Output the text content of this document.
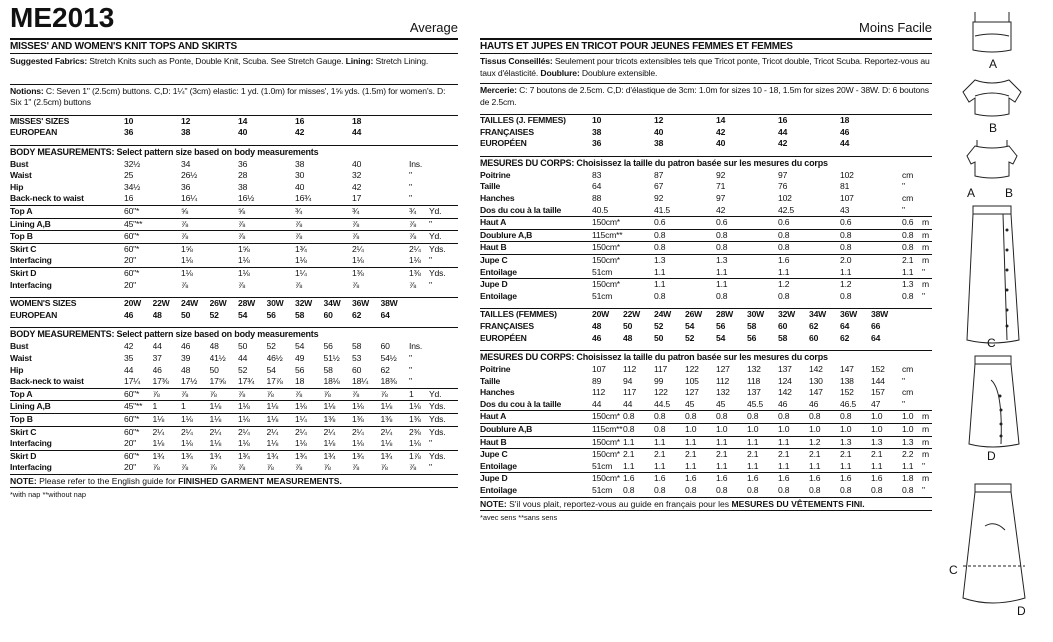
ME2013	Average
MISSES' AND WOMEN'S KNIT TOPS AND SKIRTS
Suggested Fabrics: Stretch Knits such as Ponte, Double Knit, Scuba. See Stretch Gauge. Lining: Stretch Lining.
Notions: C: Seven 1" (2.5cm) buttons. C,D: 1¼" (3cm) elastic: 1 yd. (1.0m) for misses', 1⅝ yds. (1.5m) for women's. D: Six 1" (2.5cm) buttons
MISSES' SIZES	10	12	14	16	18	
EUROPEAN	36	38	40	42	44	
BODY MEASUREMENTS: Select pattern size based on body measurements
Bust	32½	34	36	38	40	Ins.	
Waist	25	26½	28	30	32	"	
Hip	34½	36	38	40	42	"	
Back-neck to waist	16	16¼	16½	16¾	17	"	
Top A	60"*	⅝	⅝	¾	¾	¾	Yd.
Lining A,B	45"**	⅞	⅞	⅞	⅞	⅞	"
Top B	60"*	⅞	⅞	⅞	⅞	⅞	Yd.
Skirt C	60"*	1⅝	1⅝	1¾	2¼	2¼	Yds.
Interfacing	20"	1⅛	1⅛	1⅛	1⅛	1⅛	"
Skirt D	60"*	1⅛	1⅛	1¼	1⅜	1⅜	Yds.
Interfacing	20"	⅞	⅞	⅞	⅞	⅞	"
WOMEN'S SIZES	20W	22W	24W	26W	28W	30W	32W	34W	36W	38W	
EUROPEAN	46	48	50	52	54	56	58	60	62	64	
BODY MEASUREMENTS: Select pattern size based on body measurements
Bust	42	44	46	48	50	52	54	56	58	60	Ins.	
Waist	35	37	39	41½	44	46½	49	51½	53	54½	"	
Hip	44	46	48	50	52	54	56	58	60	62	"	
Back-neck to waist	17¼	17⅜	17½	17⅝	17¾	17⅞	18	18⅛	18¼	18⅜	"	
Top A	60"*	⅞	⅞	⅞	⅞	⅞	⅞	⅞	⅞	⅞	1	Yd.
Lining A,B	45"**	1	1	1⅛	1⅛	1⅛	1⅛	1⅛	1⅛	1⅛	1⅛	Yds.
Top B	60"*	1⅛	1⅛	1⅛	1⅛	1⅛	1¼	1⅜	1⅜	1⅜	1⅜	Yds.
Skirt C	60"*	2¼	2¼	2¼	2¼	2¼	2¼	2¼	2¼	2¼	2⅜	Yds.
Interfacing	20"	1⅛	1⅛	1⅛	1⅛	1⅛	1⅛	1⅛	1⅛	1⅛	1⅛	"
Skirt D	60"*	1¾	1¾	1¾	1¾	1¾	1¾	1¾	1¾	1¾	1⅞	Yds.
Interfacing	20"	⅞	⅞	⅞	⅞	⅞	⅞	⅞	⅞	⅞	⅞	"
NOTE: Please refer to the English guide for FINISHED GARMENT MEASUREMENTS.
*with nap **without nap
Moins Facile
HAUTS ET JUPES EN TRICOT POUR JEUNES FEMMES ET FEMMES
Tissus Conseillés: Seulement pour tricots extensibles tels que Tricot ponte, Tricot double, Tricot Scuba. Reportez-vous au taux d'élasticité. Doublure: Doublure extensible.
Mercerie: C: 7 boutons de 2.5cm. C,D: d'élastique de 3cm: 1.0m for sizes 10 - 18, 1.5m for sizes 20W - 38W. D: 6 boutons de 2.5cm.
TAILLES (J. FEMMES)	10	12	14	16	18	
FRANÇAISES	38	40	42	44	46	
EUROPÉEN	36	38	40	42	44	
MESURES DU CORPS: Choisissez la taille du patron basée sur les mesures du corps
Poitrine	83	87	92	97	102	cm	
Taille	64	67	71	76	81	"	
Hanches	88	92	97	102	107	cm	
Dos du cou à la taille	40.5	41.5	42	42.5	43	"	
Haut A	150cm*	0.6	0.6	0.6	0.6	0.6	m
Doublure A,B	115cm**	0.8	0.8	0.8	0.8	0.8	m
Haut B	150cm*	0.8	0.8	0.8	0.8	0.8	m
Jupe C	150cm*	1.3	1.3	1.6	2.0	2.1	m
Entoilage	51cm	1.1	1.1	1.1	1.1	1.1	"
Jupe D	150cm*	1.1	1.1	1.2	1.2	1.3	m
Entoilage	51cm	0.8	0.8	0.8	0.8	0.8	"
TAILLES (FEMMES)	20W	22W	24W	26W	28W	30W	32W	34W	36W	38W	
FRANÇAISES	48	50	52	54	56	58	60	62	64	66	
EUROPÉEN	46	48	50	52	54	56	58	60	62	64	
MESURES DU CORPS: Choisissez la taille du patron basée sur les mesures du corps
Poitrine	107	112	117	122	127	132	137	142	147	152	cm	
Taille	89	94	99	105	112	118	124	130	138	144	"	
Hanches	112	117	122	127	132	137	142	147	152	157	cm	
Dos du cou à la taille	44	44	44.5	45	45	45.5	46	46	46.5	47	"	
Haut A	150cm*	0.8	0.8	0.8	0.8	0.8	0.8	0.8	0.8	1.0	1.0	m
Doublure A,B	115cm**	0.8	0.8	1.0	1.0	1.0	1.0	1.0	1.0	1.0	1.0	m
Haut B	150cm*	1.1	1.1	1.1	1.1	1.1	1.1	1.2	1.3	1.3	1.3	m
Jupe C	150cm*	2.1	2.1	2.1	2.1	2.1	2.1	2.1	2.1	2.1	2.2	m
Entoilage	51cm	1.1	1.1	1.1	1.1	1.1	1.1	1.1	1.1	1.1	1.1	"
Jupe D	150cm*	1.6	1.6	1.6	1.6	1.6	1.6	1.6	1.6	1.6	1.8	m
Entoilage	51cm	0.8	0.8	0.8	0.8	0.8	0.8	0.8	0.8	0.8	0.8	"
NOTE: S'il vous plait, reportez-vous au guide en français pour les MESURES DU VÊTEMENTS FINI.
*avec sens **sans sens
A
B
A B
C
D
C
D
